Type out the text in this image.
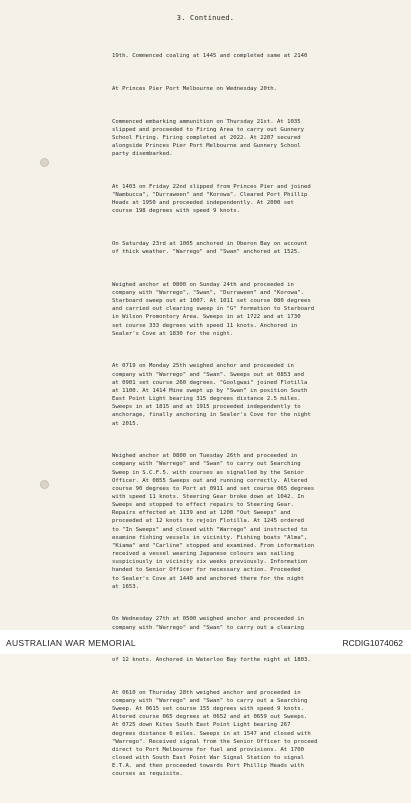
3. Continued.

19th. Commenced coaling at 1445 and completed same at 2140

At Princes Pier Port Melbourne on Wednesday 20th.

Commenced embarking ammunition on Thursday 21st. At 1035
slipped and proceeded to Firing Area to carry out Gunnery
School Firing. Firing completed at 2022. At 2207 secured
alongside Princes Pier Port Melbourne and Gunnery School
party disembarked.

At 1403 on Friday 22nd slipped from Princes Pier and joined
"Nambucca", "Durraween" and "Korowa". Cleared Port Phillip
Heads at 1950 and proceeded independently. At 2000 set
course 198 degrees with speed 9 knots.

On Saturday 23rd at 1005 anchored in Oberon Bay on account
of thick weather. "Warrego" and "Swan" anchored at 1525.

Weighed anchor at 0800 on Sunday 24th and proceeded in
company with "Warrego", "Swan", "Durraween" and "Korowa".
Starboard sweep out at 1007. At 1011 set course 080 degrees
and carried out clearing sweep in "G" formation to Starboard
in Wilson Promontory Area. Sweeps in at 1722 and at 1730
set course 333 degrees with speed 11 knots. Anchored in
Sealer's Cove at 1830 for the night.

At 0719 on Monday 25th weighed anchor and proceeded in
company with "Warrego" and "Swan". Sweeps out at 0853 and
at 0901 set course 260 degrees. "Goolgwai" joined Flotilla
at 1100. At 1414 Mine swept up by "Swan" in position South
East Point Light bearing 315 degrees distance 2.5 miles.
Sweeps in at 1815 and at 1915 proceeded independently to
anchorage, finally anchoring in Sealer's Cove for the night
at 2015.

Weighed anchor at 0800 on Tuesday 26th and proceeded in
company with "Warrego" and "Swan" to carry out Searching
Sweep in S.C.F.5. with courses as signalled by the Senior
Officer. At 0855 Sweeps out and running correctly. Altered
course 90 degrees to Port at 0911 and set course 065 degrees
with speed 11 knots. Steering Gear broke down at 1042. In
Sweeps and stopped to effect repairs to Steering Gear.
Repairs effected at 1139 and at 1200 "Out Sweeps" and
proceeded at 12 knots to rejoin Flotilla. At 1245 ordered
to "In Sweeps" and closed with "Warrego" and instructed to
examine fishing vessels in vicinity. Fishing boats "Alma",
"Kiama" and "Carline" stopped and examined. From information
received a vessel wearing Japanese colours was sailing
suspiciously in vicinity six weeks previously. Information
handed to Senior Officer for necessary action. Proceeded
to Sealer's Cove at 1440 and anchored there for the night
at 1653.

On Wednesday 27th at 0500 weighed anchor and proceeded in
company with "Warrego" and "Swan" to carry out a clearing

of 12 knots. Anchored in Waterloo Bay forthe night at 1803.

At 0610 on Thursday 28th weighed anchor and proceeded in
company with "Warrego" and "Swan" to carry out a Searching
Sweep. At 0615 set course 155 degrees with speed 9 knots.
Altered course 065 degrees at 0652 and at 0659 out Sweeps.
At 0725 down Kites South East Point Light bearing 267
degrees distance 6 miles. Sweeps in at 1547 and closed with
"Warrego". Received signal from the Senior Officer to proceed
direct to Port Melbourne for fuel and provisions. At 1700
closed with South East Point War Signal Station to signal
E.T.A. and then proceeded towards Port Phillip Heads with
courses as requisite.

AUSTRALIAN WAR MEMORIAL	RCDIG1074062
